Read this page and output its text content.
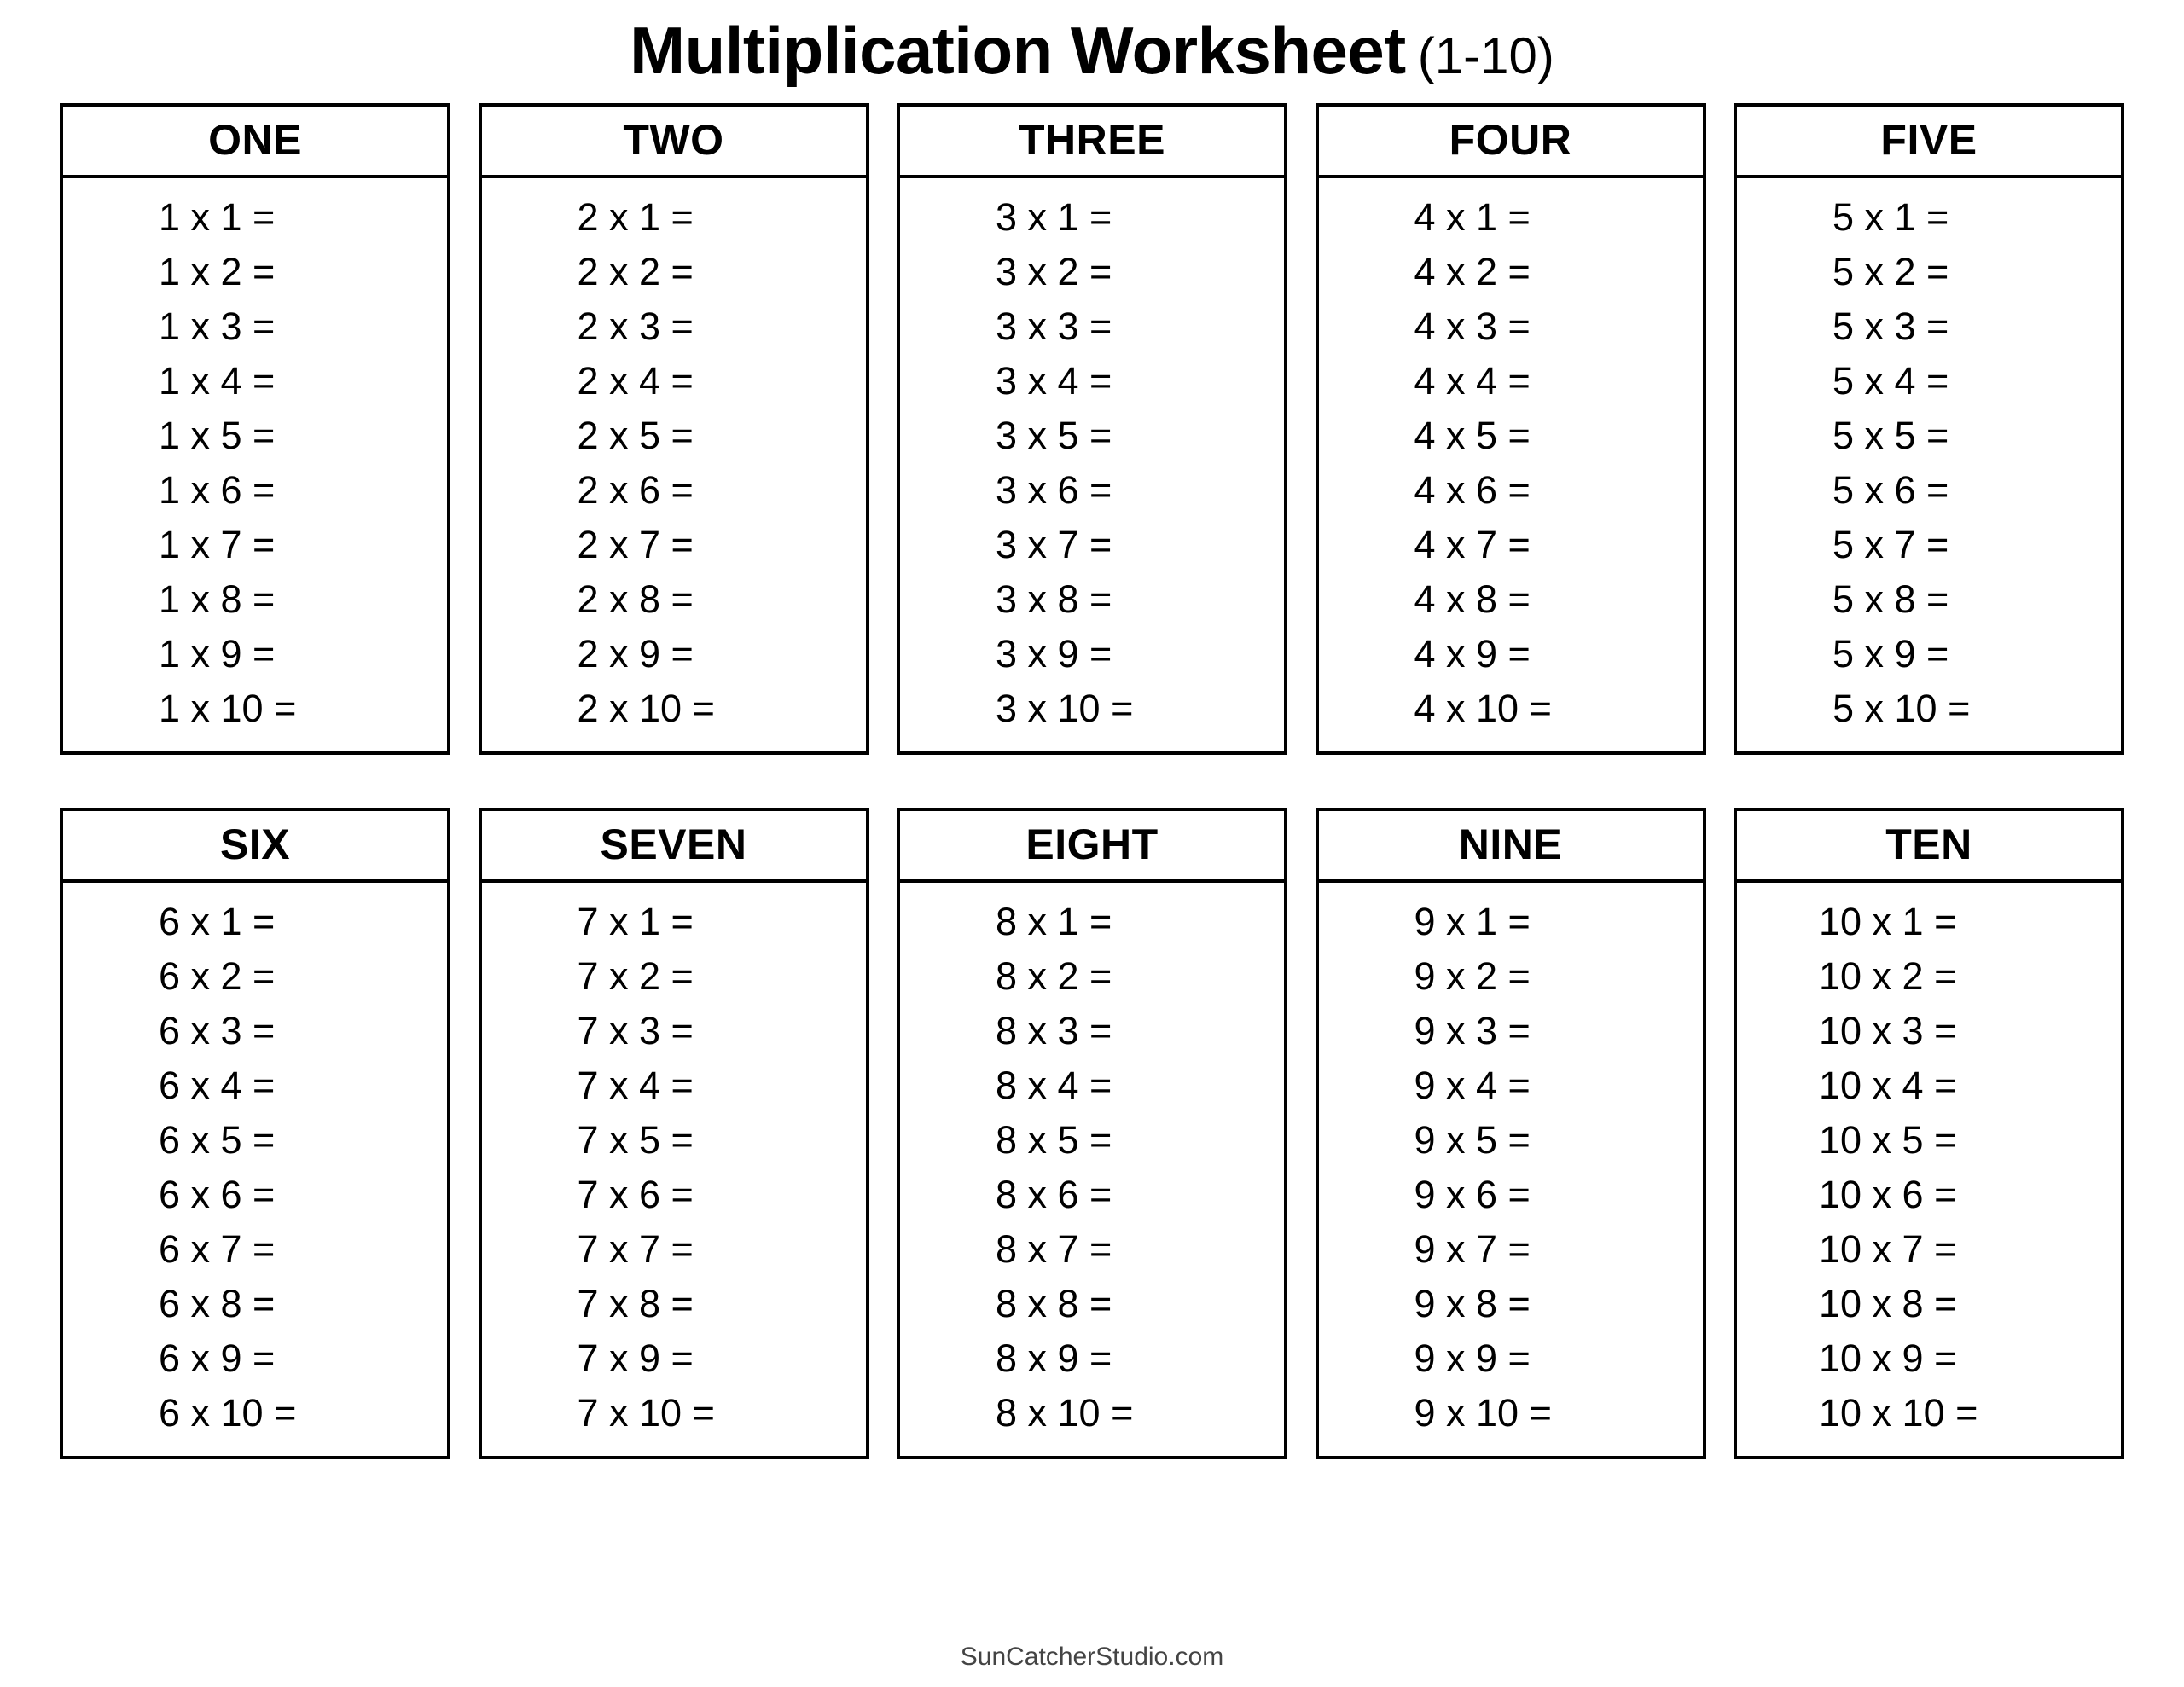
Multiplication Worksheet (1-10)
ONE
1 x 1 =
1 x 2 =
1 x 3 =
1 x 4 =
1 x 5 =
1 x 6 =
1 x 7 =
1 x 8 =
1 x 9 =
1 x 10 =
TWO
2 x 1 =
2 x 2 =
2 x 3 =
2 x 4 =
2 x 5 =
2 x 6 =
2 x 7 =
2 x 8 =
2 x 9 =
2 x 10 =
THREE
3 x 1 =
3 x 2 =
3 x 3 =
3 x 4 =
3 x 5 =
3 x 6 =
3 x 7 =
3 x 8 =
3 x 9 =
3 x 10 =
FOUR
4 x 1 =
4 x 2 =
4 x 3 =
4 x 4 =
4 x 5 =
4 x 6 =
4 x 7 =
4 x 8 =
4 x 9 =
4 x 10 =
FIVE
5 x 1 =
5 x 2 =
5 x 3 =
5 x 4 =
5 x 5 =
5 x 6 =
5 x 7 =
5 x 8 =
5 x 9 =
5 x 10 =
SIX
6 x 1 =
6 x 2 =
6 x 3 =
6 x 4 =
6 x 5 =
6 x 6 =
6 x 7 =
6 x 8 =
6 x 9 =
6 x 10 =
SEVEN
7 x 1 =
7 x 2 =
7 x 3 =
7 x 4 =
7 x 5 =
7 x 6 =
7 x 7 =
7 x 8 =
7 x 9 =
7 x 10 =
EIGHT
8 x 1 =
8 x 2 =
8 x 3 =
8 x 4 =
8 x 5 =
8 x 6 =
8 x 7 =
8 x 8 =
8 x 9 =
8 x 10 =
NINE
9 x 1 =
9 x 2 =
9 x 3 =
9 x 4 =
9 x 5 =
9 x 6 =
9 x 7 =
9 x 8 =
9 x 9 =
9 x 10 =
TEN
10 x 1 =
10 x 2 =
10 x 3 =
10 x 4 =
10 x 5 =
10 x 6 =
10 x 7 =
10 x 8 =
10 x 9 =
10 x 10 =
SunCatcherStudio.com
